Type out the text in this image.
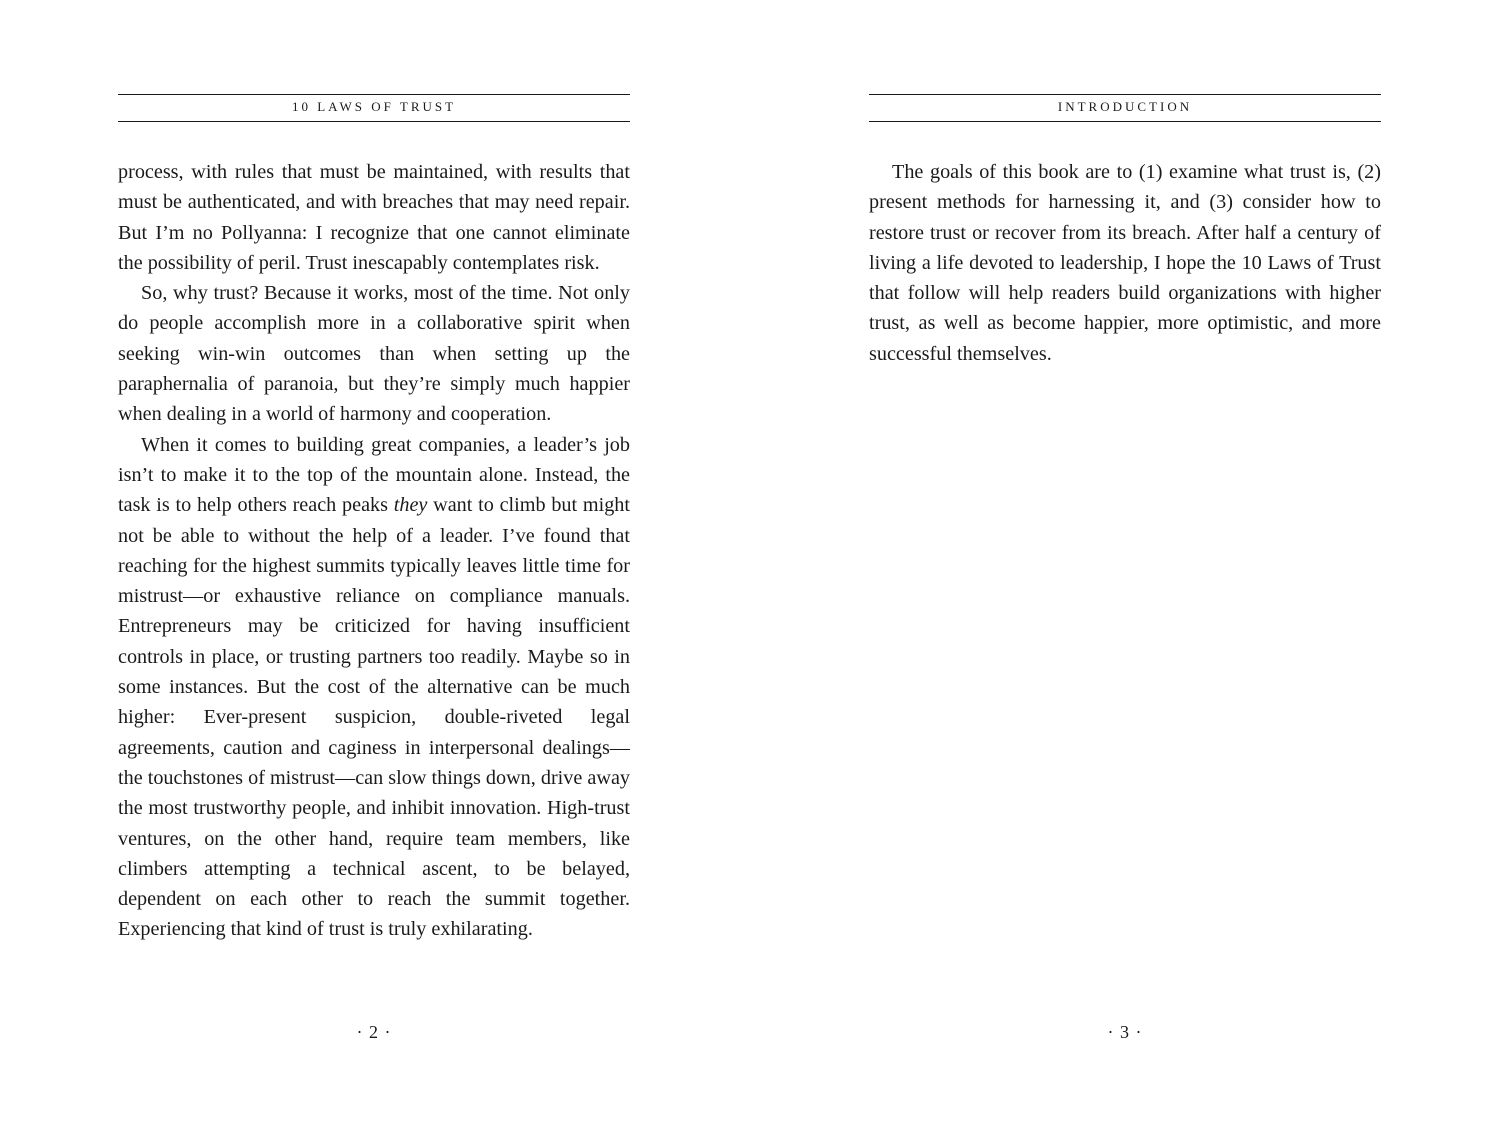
10 LAWS OF TRUST

process, with rules that must be maintained, with results that must be authenticated, and with breaches that may need repair. But I’m no Pollyanna: I recognize that one cannot eliminate the possibility of peril. Trust inescapably contemplates risk.

So, why trust? Because it works, most of the time. Not only do people accomplish more in a collaborative spirit when seeking win-win outcomes than when setting up the paraphernalia of paranoia, but they’re simply much happier when dealing in a world of harmony and cooperation.

When it comes to building great companies, a leader’s job isn’t to make it to the top of the mountain alone. Instead, the task is to help others reach peaks they want to climb but might not be able to without the help of a leader. I’ve found that reaching for the highest summits typically leaves little time for mistrust—or exhaustive reliance on compliance manuals. Entrepreneurs may be criticized for having insufficient controls in place, or trusting partners too readily. Maybe so in some instances. But the cost of the alternative can be much higher: Ever-present suspicion, double-riveted legal agreements, caution and caginess in interpersonal dealings—the touchstones of mistrust—can slow things down, drive away the most trustworthy people, and inhibit innovation. High-trust ventures, on the other hand, require team members, like climbers attempting a technical ascent, to be belayed, dependent on each other to reach the summit together. Experiencing that kind of trust is truly exhilarating.

· 2 ·
INTRODUCTION

The goals of this book are to (1) examine what trust is, (2) present methods for harnessing it, and (3) consider how to restore trust or recover from its breach. After half a century of living a life devoted to leadership, I hope the 10 Laws of Trust that follow will help readers build organizations with higher trust, as well as become happier, more optimistic, and more successful themselves.

· 3 ·
